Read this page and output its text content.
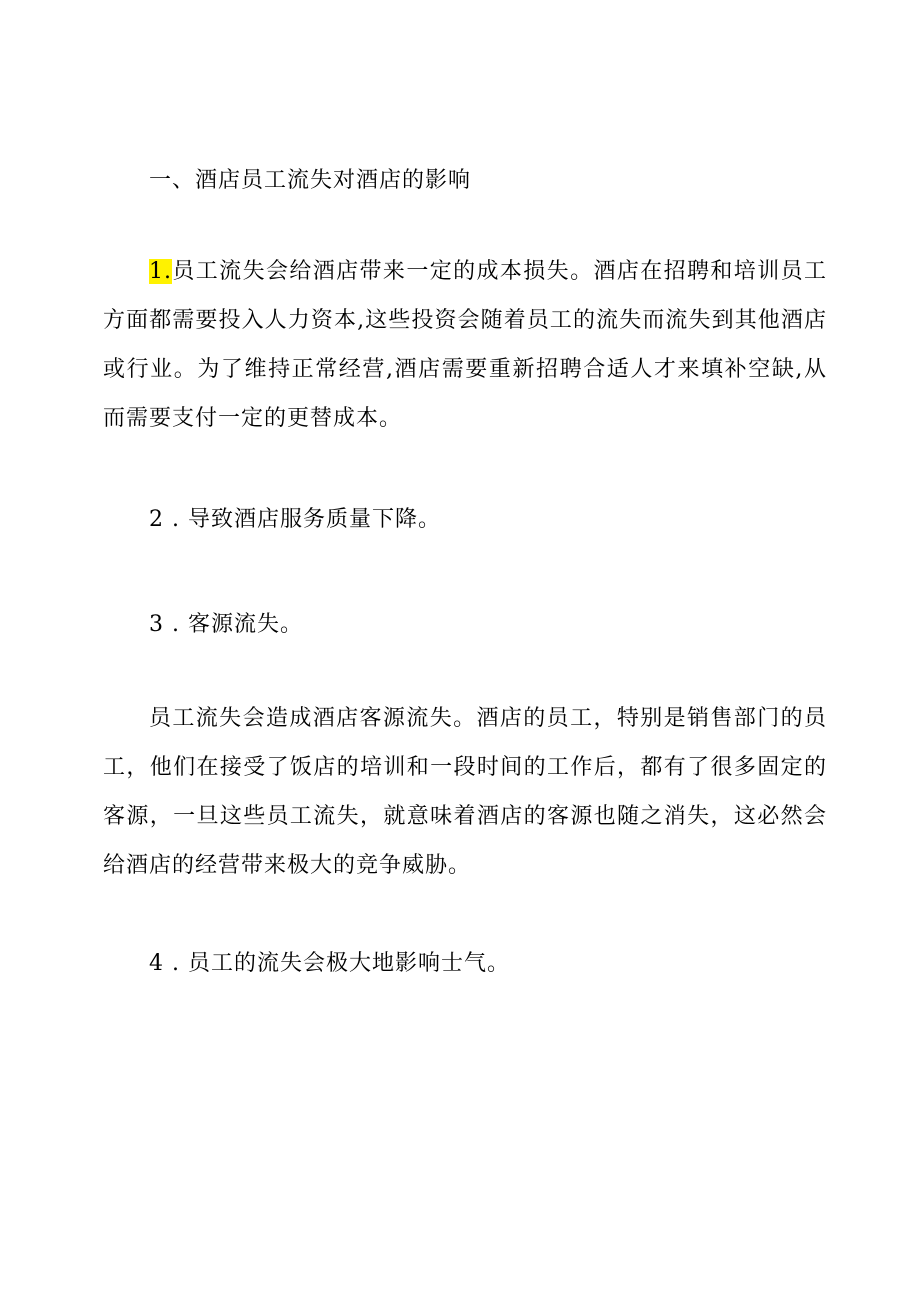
一、酒店员工流失对酒店的影响
1.员工流失会给酒店带来一定的成本损失。酒店在招聘和培训员工方面都需要投入人力资本,这些投资会随着员工的流失而流失到其他酒店或行业。为了维持正常经营,酒店需要重新招聘合适人才来填补空缺,从而需要支付一定的更替成本。
2 . 导致酒店服务质量下降。
3 . 客源流失。
员工流失会造成酒店客源流失。酒店的员工，特别是销售部门的员工，他们在接受了饭店的培训和一段时间的工作后，都有了很多固定的客源，一旦这些员工流失，就意味着酒店的客源也随之消失，这必然会给酒店的经营带来极大的竞争威胁。
4 . 员工的流失会极大地影响士气。
